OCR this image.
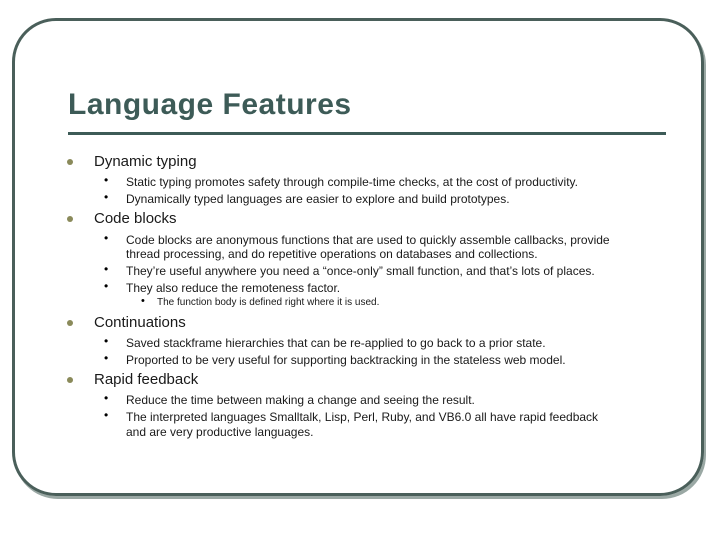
Language Features
Dynamic typing
• Static typing promotes safety through compile-time checks, at the cost of productivity.
• Dynamically typed languages are easier to explore and build prototypes.
Code blocks
• Code blocks are anonymous functions that are used to quickly assemble callbacks, provide
thread processing, and do repetitive operations on databases and collections.
• They’re useful anywhere you need a “once-only” small function, and that’s lots of places.
• They also reduce the remoteness factor.
• The function body is defined right where it is used.
Continuations
• Saved stackframe hierarchies that can be re-applied to go back to a prior state.
• Proported to be very useful for supporting backtracking in the stateless web model.
Rapid feedback
• Reduce the time between making a change and seeing the result.
• The interpreted languages Smalltalk, Lisp, Perl, Ruby, and VB6.0 all have rapid feedback
and are very productive languages.
